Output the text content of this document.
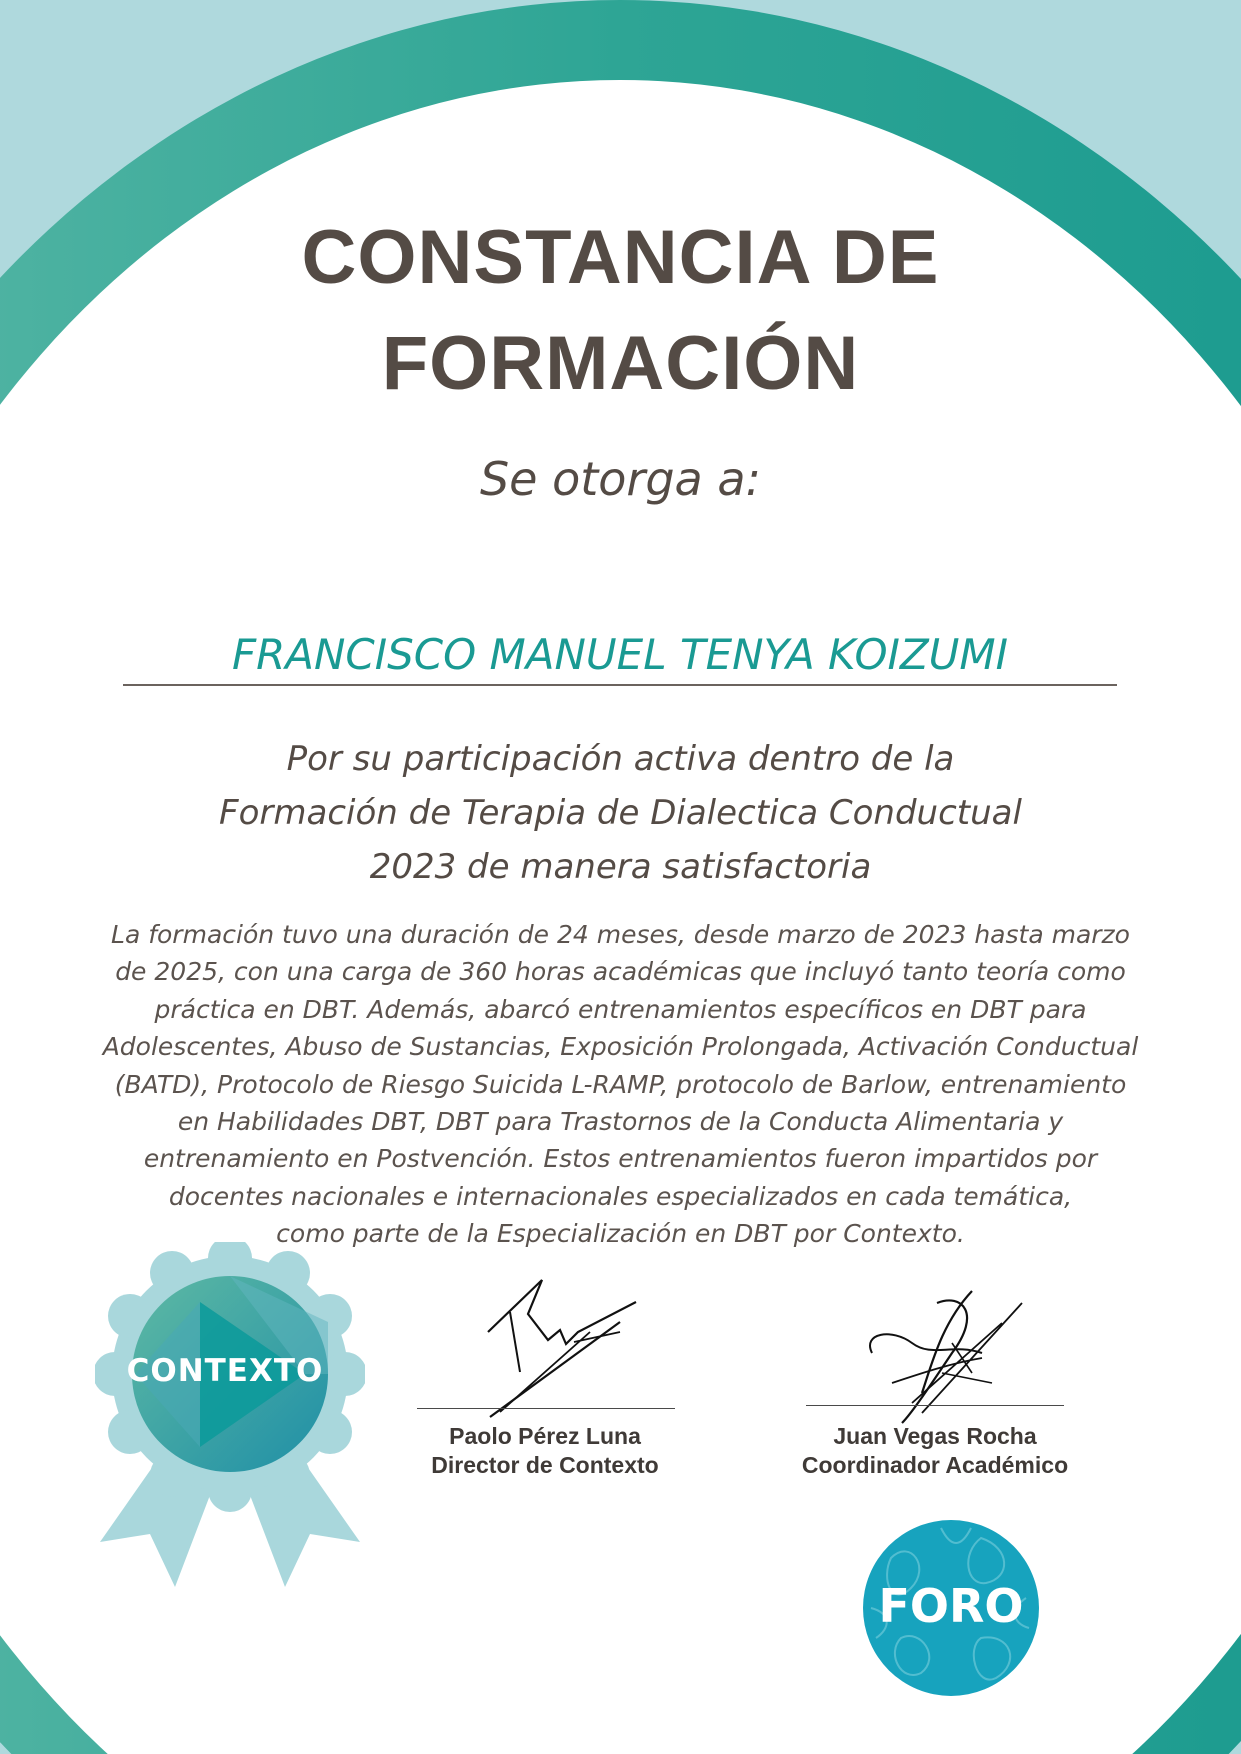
CONSTANCIA DE
FORMACIÓN
Se otorga a:
FRANCISCO MANUEL TENYA KOIZUMI
Por su participación activa dentro de la
Formación de Terapia de Dialectica Conductual
2023 de manera satisfactoria
La formación tuvo una duración de 24 meses, desde marzo de 2023 hasta marzo
de 2025, con una carga de 360 horas académicas que incluyó tanto teoría como
práctica en DBT. Además, abarcó entrenamientos específicos en DBT para
Adolescentes, Abuso de Sustancias, Exposición Prolongada, Activación Conductual
(BATD), Protocolo de Riesgo Suicida L-RAMP, protocolo de Barlow, entrenamiento
en Habilidades DBT, DBT para Trastornos de la Conducta Alimentaria y
entrenamiento en Postvención. Estos entrenamientos fueron impartidos por
docentes nacionales e internacionales especializados en cada temática,
como parte de la Especialización en DBT por Contexto.
CONTEXTO
Paolo Pérez Luna
Director de Contexto
Juan Vegas Rocha
Coordinador Académico
FORO
